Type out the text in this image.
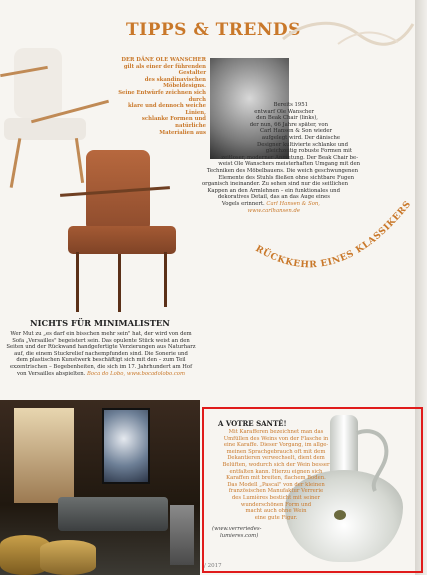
TIPPS & TRENDS
DER DÄNE OLE WANSCHER
gilt als einer der führenden Gestalter
des skandinavischen Möbeldesigns.
Seine Entwürfe zeichnen sich durch
klare und dennoch weiche Linien,
schlanke Formen und natürliche
Materialien aus
Bereits 1951
entwarf Ole Wanscher
den Beak Chair (links),
der nun, 66 Jahre später, von
Carl Hansen & Son wieder
aufgelegt wird. Der dänische
Designer kultivierte schlanke und
gleichzeitig robuste Formen mit
zeitloser, moderner Anmutung. Der Beak Chair be-
weist Ole Wanschers meisterhaften Umgang mit den
Techniken des Möbelbauens. Die weich geschwungenen
Elemente des Stuhls fließen ohne sichtbare Fugen
organisch ineinander. Zu sehen sind nur die seitlichen
Kappen an den Armlehnen – ein funktionales und
dekoratives Detail, das an das Auge eines
Vogels erinnert. Carl Hansen & Son,
www.carlhansen.de
RÜCKKEHR EINES KLASSIKERS
NICHTS FÜR MINIMALISTEN
Wer Mut zu „es darf ein bisschen mehr sein" hat, der wird von dem
Sofa „Versailles" begeistert sein. Das opulente Stück weist an den
Seiten und der Rückwand handgefertigte Verzierungen aus Naturharz
auf, die einem Stuckrelief nachempfunden sind. Die Sonerie und
dem plastischen Kunstwerk beschäftigt sich mit den – zum Teil
exzentrischen – Begebenheiten, die sich im 17. Jahrhundert am Hof
von Versailles abspielten. Boca do Lobo, www.bocadolobo.com
A VOTRE SANTÉ!
Mit Karafferen bezeichnet man das
Umfüllen des Weins von der Flasche in
eine Karaffe. Dieser Vorgang, im allge-
meinen Sprachgebrauch oft mit dem
Dekantieren verwechselt, dient dem
Belüften, wodurch sich der Wein besser
entfalten kann. Hierzu eignen sich
Karaffen mit breiten, flachem Boden.
Das Modell „Pascal" von der kleinen
französischen Manufaktur Verrerie
des Lumières besticht mit seiner
wunderschönen Form und
macht auch ohne Wein
eine gute Figur.
(www.verreriedes-
lumieres.com)
/ 2017
